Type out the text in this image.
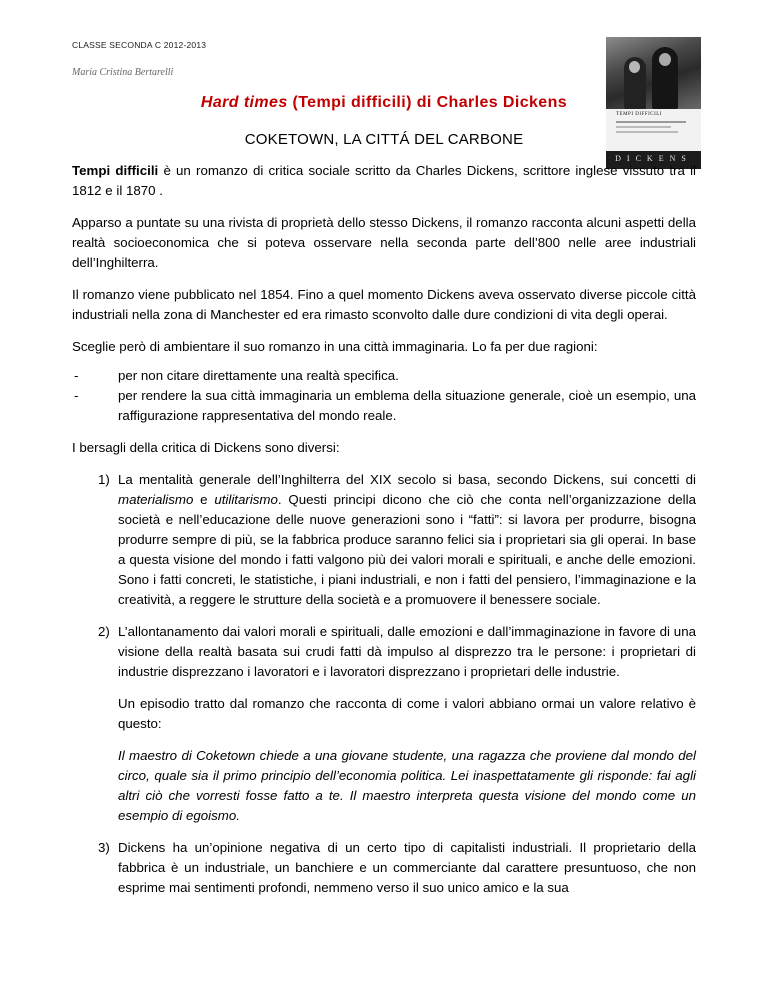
CLASSE SECONDA C 2012-2013
Maria Cristina Bertarelli
TEMPI DIFFICILI
DICKENS
Hard times (Tempi difficili) di Charles Dickens
COKETOWN, LA CITTÁ DEL CARBONE

Tempi difficili è un romanzo di critica sociale scritto da Charles Dickens, scrittore inglese vissuto tra il 1812 e il 1870 .

Apparso a puntate su una rivista di proprietà dello stesso Dickens, il romanzo racconta alcuni aspetti della realtà socioeconomica che si poteva osservare nella seconda parte dell’800 nelle aree industriali dell’Inghilterra.

Il romanzo viene pubblicato nel 1854. Fino a quel momento Dickens aveva osservato diverse piccole città industriali nella zona di Manchester ed era rimasto sconvolto dalle dure condizioni di vita degli operai.

Sceglie però di ambientare il suo romanzo in una città immaginaria. Lo fa per due ragioni:

-	per non citare direttamente una realtà specifica.
-	per rendere la sua città immaginaria un emblema della situazione generale, cioè un esempio, una raffigurazione rappresentativa del mondo reale.

I bersagli della critica di Dickens sono diversi:

1) La mentalità generale dell’Inghilterra del XIX secolo si basa, secondo Dickens, sui concetti di materialismo e utilitarismo. Questi principi dicono che ciò che conta nell’organizzazione della società e nell’educazione delle nuove generazioni sono i “fatti”: si lavora per produrre, bisogna produrre sempre di più, se la fabbrica produce saranno felici sia i proprietari sia gli operai. In base a questa visione del mondo i fatti valgono più dei valori morali e spirituali, e anche delle emozioni. Sono i fatti concreti, le statistiche, i piani industriali, e non i fatti del pensiero, l’immaginazione e la creatività, a reggere le strutture della società e a promuovere il benessere sociale.
2) L’allontanamento dai valori morali e spirituali, dalle emozioni e dall’immaginazione in favore di una visione della realtà basata sui crudi fatti dà impulso al disprezzo tra le persone: i proprietari di industrie disprezzano i lavoratori e i lavoratori disprezzano i proprietari delle industrie.

Un episodio tratto dal romanzo che racconta di come i valori abbiano ormai un valore relativo è questo:

Il maestro di Coketown chiede a una giovane studente, una ragazza che proviene dal mondo del circo, quale sia il primo principio dell’economia politica. Lei inaspettatamente gli risponde: fai agli altri ciò che vorresti fosse fatto a te. Il maestro interpreta questa visione del mondo come un esempio di egoismo.

3) Dickens ha un’opinione negativa di un certo tipo di capitalisti industriali. Il proprietario della fabbrica è un industriale, un banchiere e un commerciante dal carattere presuntuoso, che non esprime mai sentimenti profondi, nemmeno verso il suo unico amico e la sua
